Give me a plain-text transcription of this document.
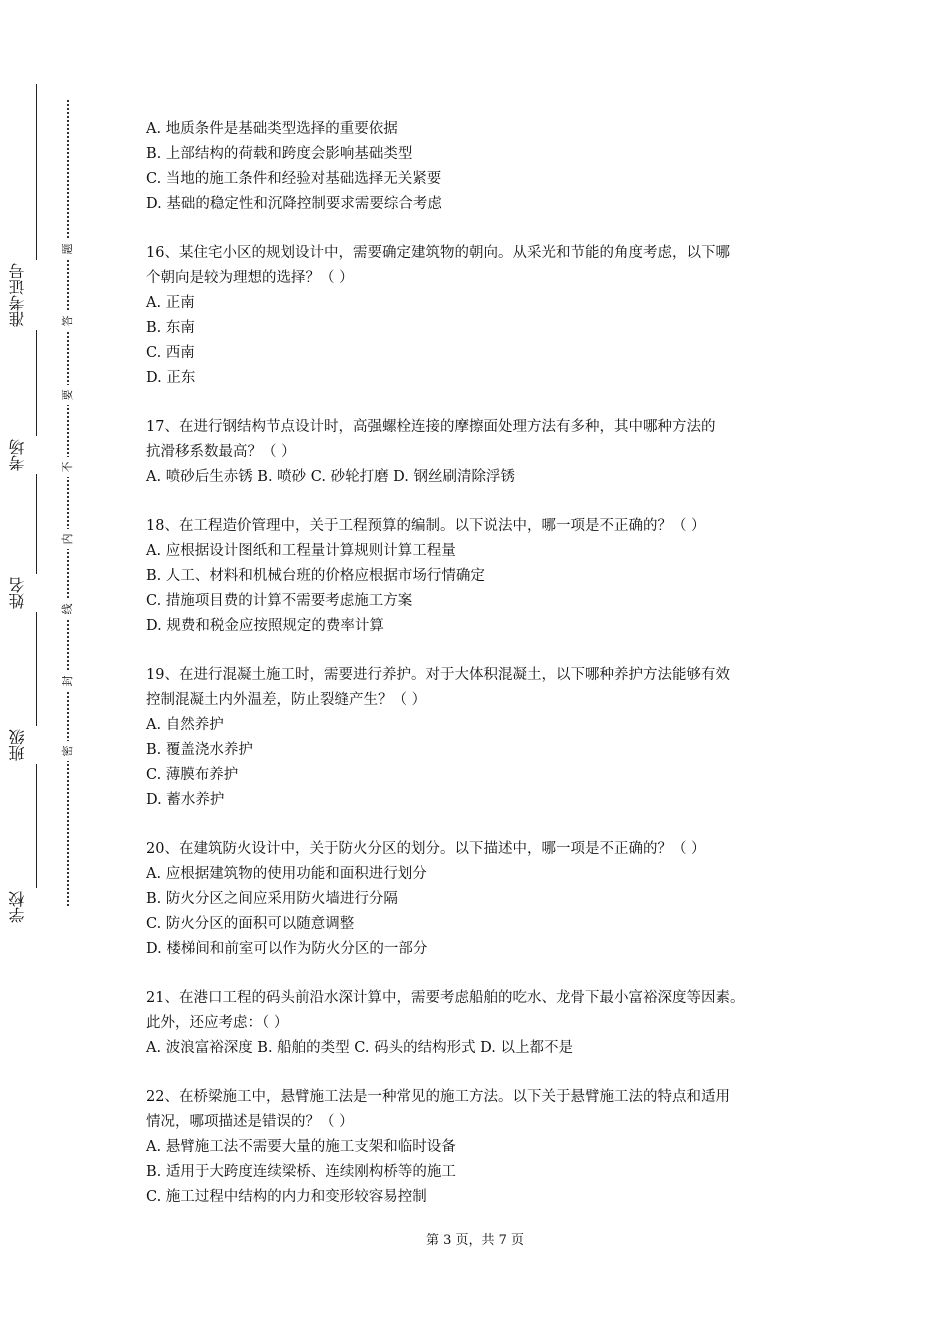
准考证号
考场
姓名
班级
学校
题
答
要
不
内
线
封
密
A. 地质条件是基础类型选择的重要依据
B. 上部结构的荷载和跨度会影响基础类型
C. 当地的施工条件和经验对基础选择无关紧要
D. 基础的稳定性和沉降控制要求需要综合考虑
16、某住宅小区的规划设计中，需要确定建筑物的朝向。从采光和节能的角度考虑，以下哪
个朝向是较为理想的选择？（ ）
A. 正南
B. 东南
C. 西南
D. 正东
17、在进行钢结构节点设计时，高强螺栓连接的摩擦面处理方法有多种，其中哪种方法的
抗滑移系数最高？（ ）
A. 喷砂后生赤锈 B. 喷砂 C. 砂轮打磨 D. 钢丝刷清除浮锈
18、在工程造价管理中，关于工程预算的编制。以下说法中，哪一项是不正确的？（ ）
A. 应根据设计图纸和工程量计算规则计算工程量
B. 人工、材料和机械台班的价格应根据市场行情确定
C. 措施项目费的计算不需要考虑施工方案
D. 规费和税金应按照规定的费率计算
19、在进行混凝土施工时，需要进行养护。对于大体积混凝土，以下哪种养护方法能够有效
控制混凝土内外温差，防止裂缝产生？（ ）
A. 自然养护
B. 覆盖浇水养护
C. 薄膜布养护
D. 蓄水养护
20、在建筑防火设计中，关于防火分区的划分。以下描述中，哪一项是不正确的？（ ）
A. 应根据建筑物的使用功能和面积进行划分
B. 防火分区之间应采用防火墙进行分隔
C. 防火分区的面积可以随意调整
D. 楼梯间和前室可以作为防火分区的一部分
21、在港口工程的码头前沿水深计算中，需要考虑船舶的吃水、龙骨下最小富裕深度等因素。
此外，还应考虑：（ ）
A. 波浪富裕深度 B. 船舶的类型 C. 码头的结构形式 D. 以上都不是
22、在桥梁施工中，悬臂施工法是一种常见的施工方法。以下关于悬臂施工法的特点和适用
情况，哪项描述是错误的？（ ）
A. 悬臂施工法不需要大量的施工支架和临时设备
B. 适用于大跨度连续梁桥、连续刚构桥等的施工
C. 施工过程中结构的内力和变形较容易控制
第 3 页，共 7 页
